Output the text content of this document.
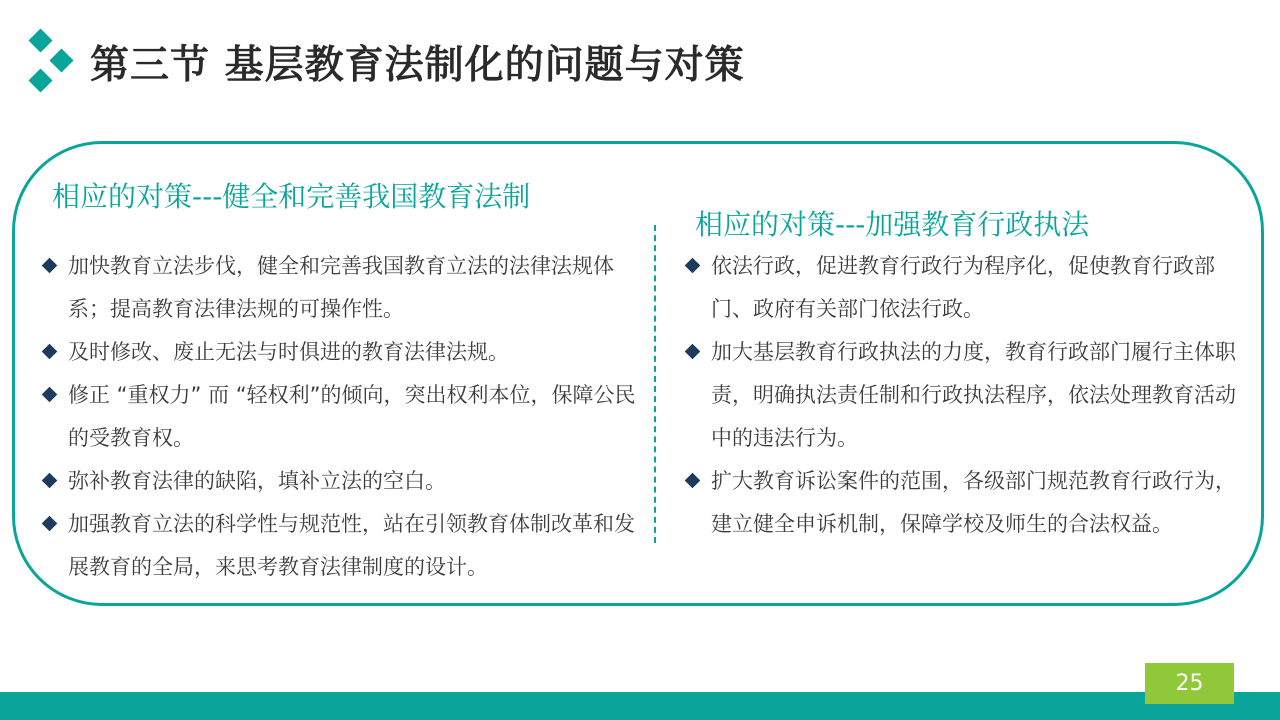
第三节 基层教育法制化的问题与对策
相应的对策---健全和完善我国教育法制
相应的对策---加强教育行政执法
加快教育立法步伐，健全和完善我国教育立法的法律法规体系；提高教育法律法规的可操作性。
及时修改、废止无法与时俱进的教育法律法规。
修正 “重权力” 而 “轻权利”的倾向，突出权利本位，保障公民的受教育权。
弥补教育法律的缺陷，填补立法的空白。
加强教育立法的科学性与规范性，站在引领教育体制改革和发展教育的全局，来思考教育法律制度的设计。
依法行政，促进教育行政行为程序化，促使教育行政部门、政府有关部门依法行政。
加大基层教育行政执法的力度，教育行政部门履行主体职责，明确执法责任制和行政执法程序，依法处理教育活动中的违法行为。
扩大教育诉讼案件的范围，各级部门规范教育行政行为，建立健全申诉机制，保障学校及师生的合法权益。
25
